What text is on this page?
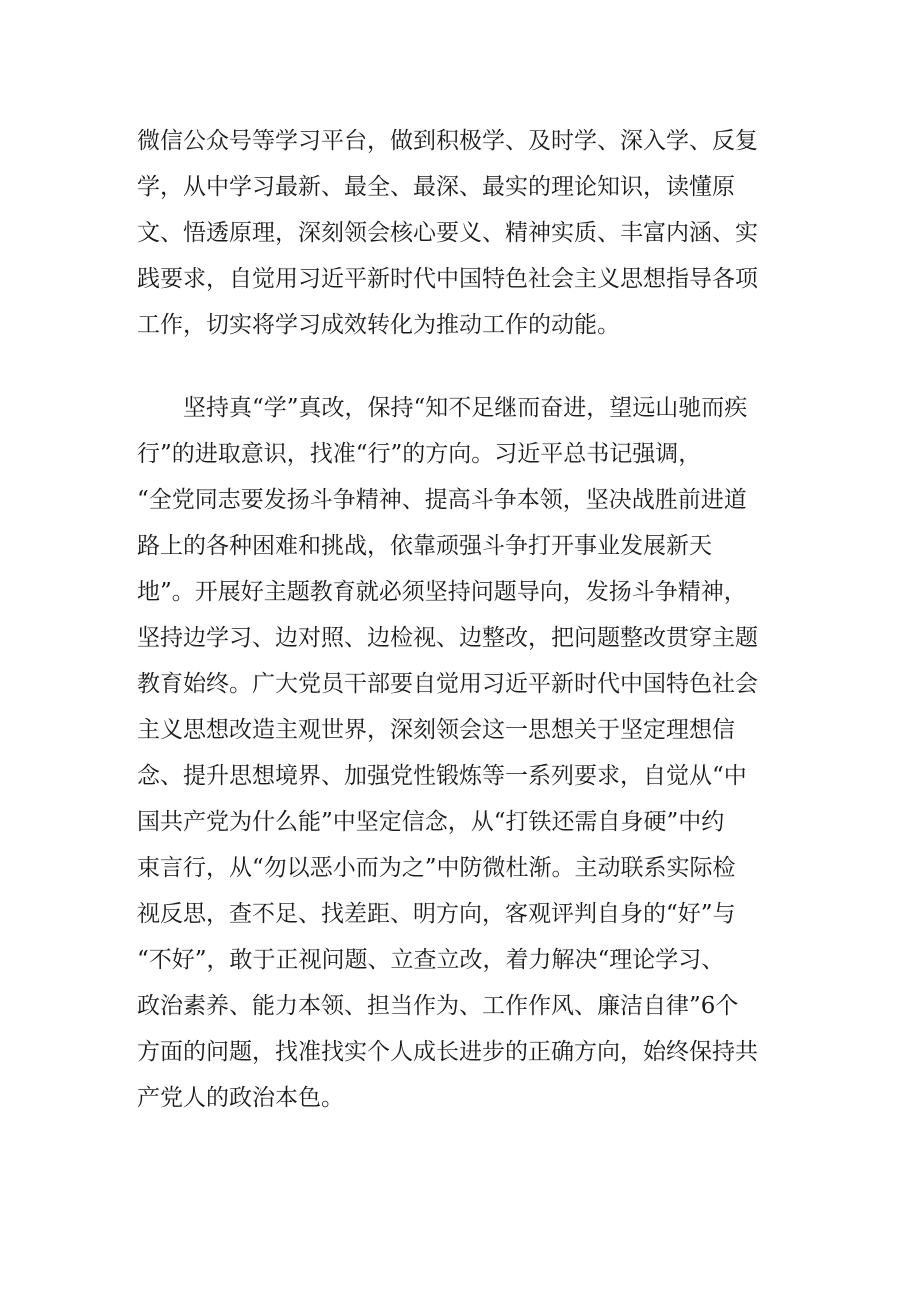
微信公众号等学习平台，做到积极学、及时学、深入学、反复
学，从中学习最新、最全、最深、最实的理论知识，读懂原
文、悟透原理，深刻领会核心要义、精神实质、丰富内涵、实
践要求，自觉用习近平新时代中国特色社会主义思想指导各项
工作，切实将学习成效转化为推动工作的动能。

坚持真“学”真改，保持“知不足继而奋进，望远山驰而疾
行”的进取意识，找准“行”的方向。习近平总书记强调，
“全党同志要发扬斗争精神、提高斗争本领，坚决战胜前进道
路上的各种困难和挑战，依靠顽强斗争打开事业发展新天
地”。开展好主题教育就必须坚持问题导向，发扬斗争精神，
坚持边学习、边对照、边检视、边整改，把问题整改贯穿主题
教育始终。广大党员干部要自觉用习近平新时代中国特色社会
主义思想改造主观世界，深刻领会这一思想关于坚定理想信
念、提升思想境界、加强党性锻炼等一系列要求，自觉从“中
国共产党为什么能”中坚定信念，从“打铁还需自身硬”中约
束言行，从“勿以恶小而为之”中防微杜渐。主动联系实际检
视反思，查不足、找差距、明方向，客观评判自身的“好”与
“不好”，敢于正视问题、立查立改，着力解决“理论学习、
政治素养、能力本领、担当作为、工作作风、廉洁自律”6个
方面的问题，找准找实个人成长进步的正确方向，始终保持共
产党人的政治本色。
